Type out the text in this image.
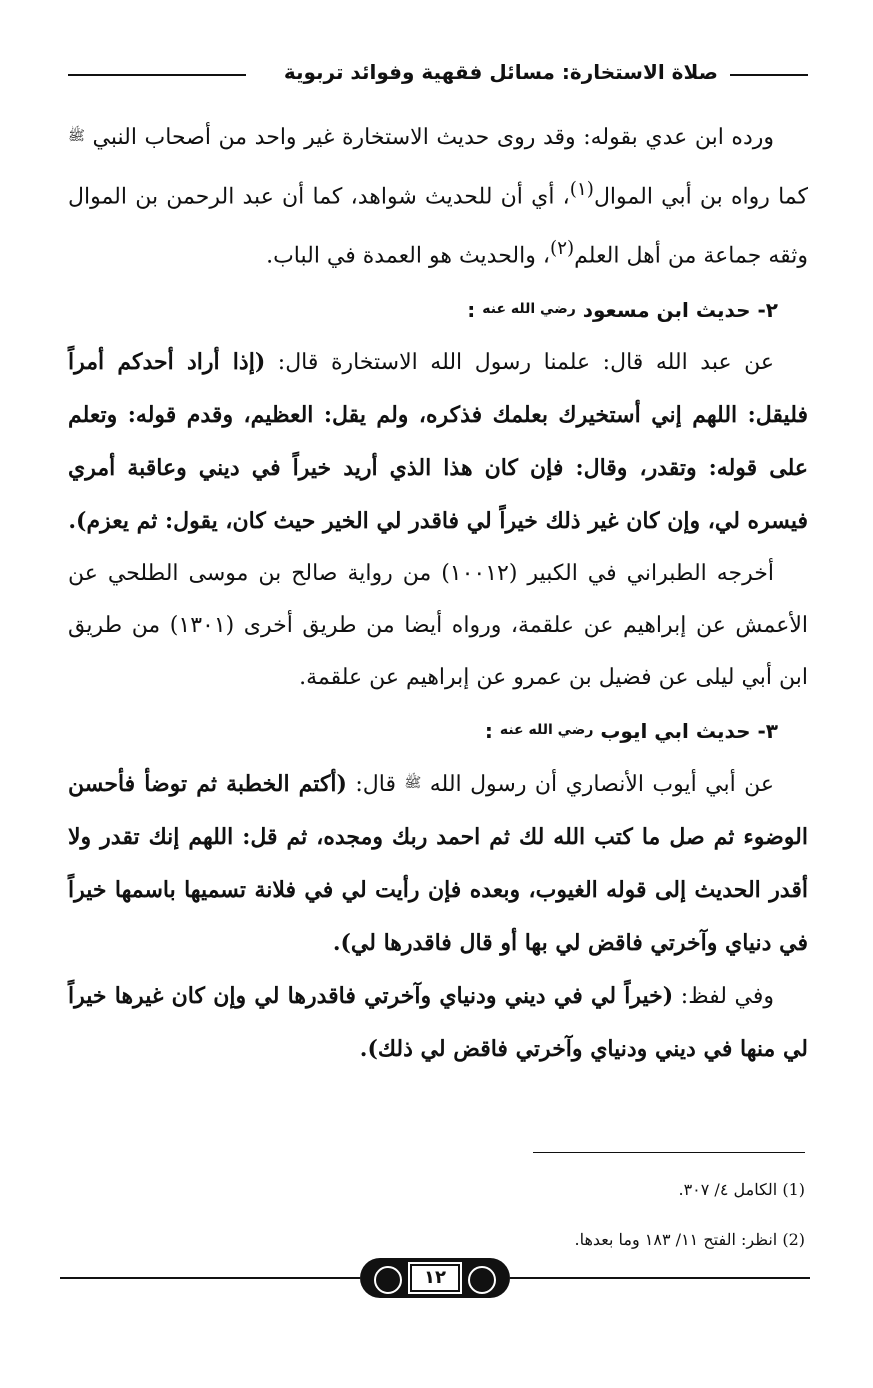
صلاة الاستخارة: مسائل فقهية وفوائد تربوية

ورده ابن عدي بقوله: وقد روى حديث الاستخارة غير واحد من أصحاب النبي ﷺ كما رواه بن أبي الموال$^{(١)}$، أي أن للحديث شواهد، كما أن عبد الرحمن بن الموال وثقه جماعة من أهل العلم$^{(٢)}$، والحديث هو العمدة في الباب.

٢- حديث ابن مسعود $^{رضي الله عنه}$ :

عن عبد الله قال: علمنا رسول الله الاستخارة قال: (إذا أراد أحدكم أمراً فليقل: اللهم إني أستخيرك بعلمك فذكره، ولم يقل: العظيم، وقدم قوله: وتعلم على قوله: وتقدر، وقال: فإن كان هذا الذي أريد خيراً في ديني وعاقبة أمري فيسره لي، وإن كان غير ذلك خيراً لي فاقدر لي الخير حيث كان، يقول: ثم يعزم).

أخرجه الطبراني في الكبير (١٠٠١٢) من رواية صالح بن موسى الطلحي عن الأعمش عن إبراهيم عن علقمة، ورواه أيضا من طريق أخرى (١٣٠١) من طريق ابن أبي ليلى عن فضيل بن عمرو عن إبراهيم عن علقمة.

٣- حديث ابي ايوب $^{رضي الله عنه}$ :

عن أبي أيوب الأنصاري أن رسول الله ﷺ قال: (أكتم الخطبة ثم توضأ فأحسن الوضوء ثم صل ما كتب الله لك ثم احمد ربك ومجده، ثم قل: اللهم إنك تقدر ولا أقدر الحديث إلى قوله الغيوب، وبعده فإن رأيت لي في فلانة تسميها باسمها خيراً في دنياي وآخرتي فاقض لي بها أو قال فاقدرها لي).

وفي لفظ: (خيراً لي في ديني ودنياي وآخرتي فاقدرها لي وإن كان غيرها خيراً لي منها في ديني ودنياي وآخرتي فاقض لي ذلك).

(1) الكامل ٤/ ٣٠٧.

(2) انظر: الفتح ١١/ ١٨٣ وما بعدها.

١٢
